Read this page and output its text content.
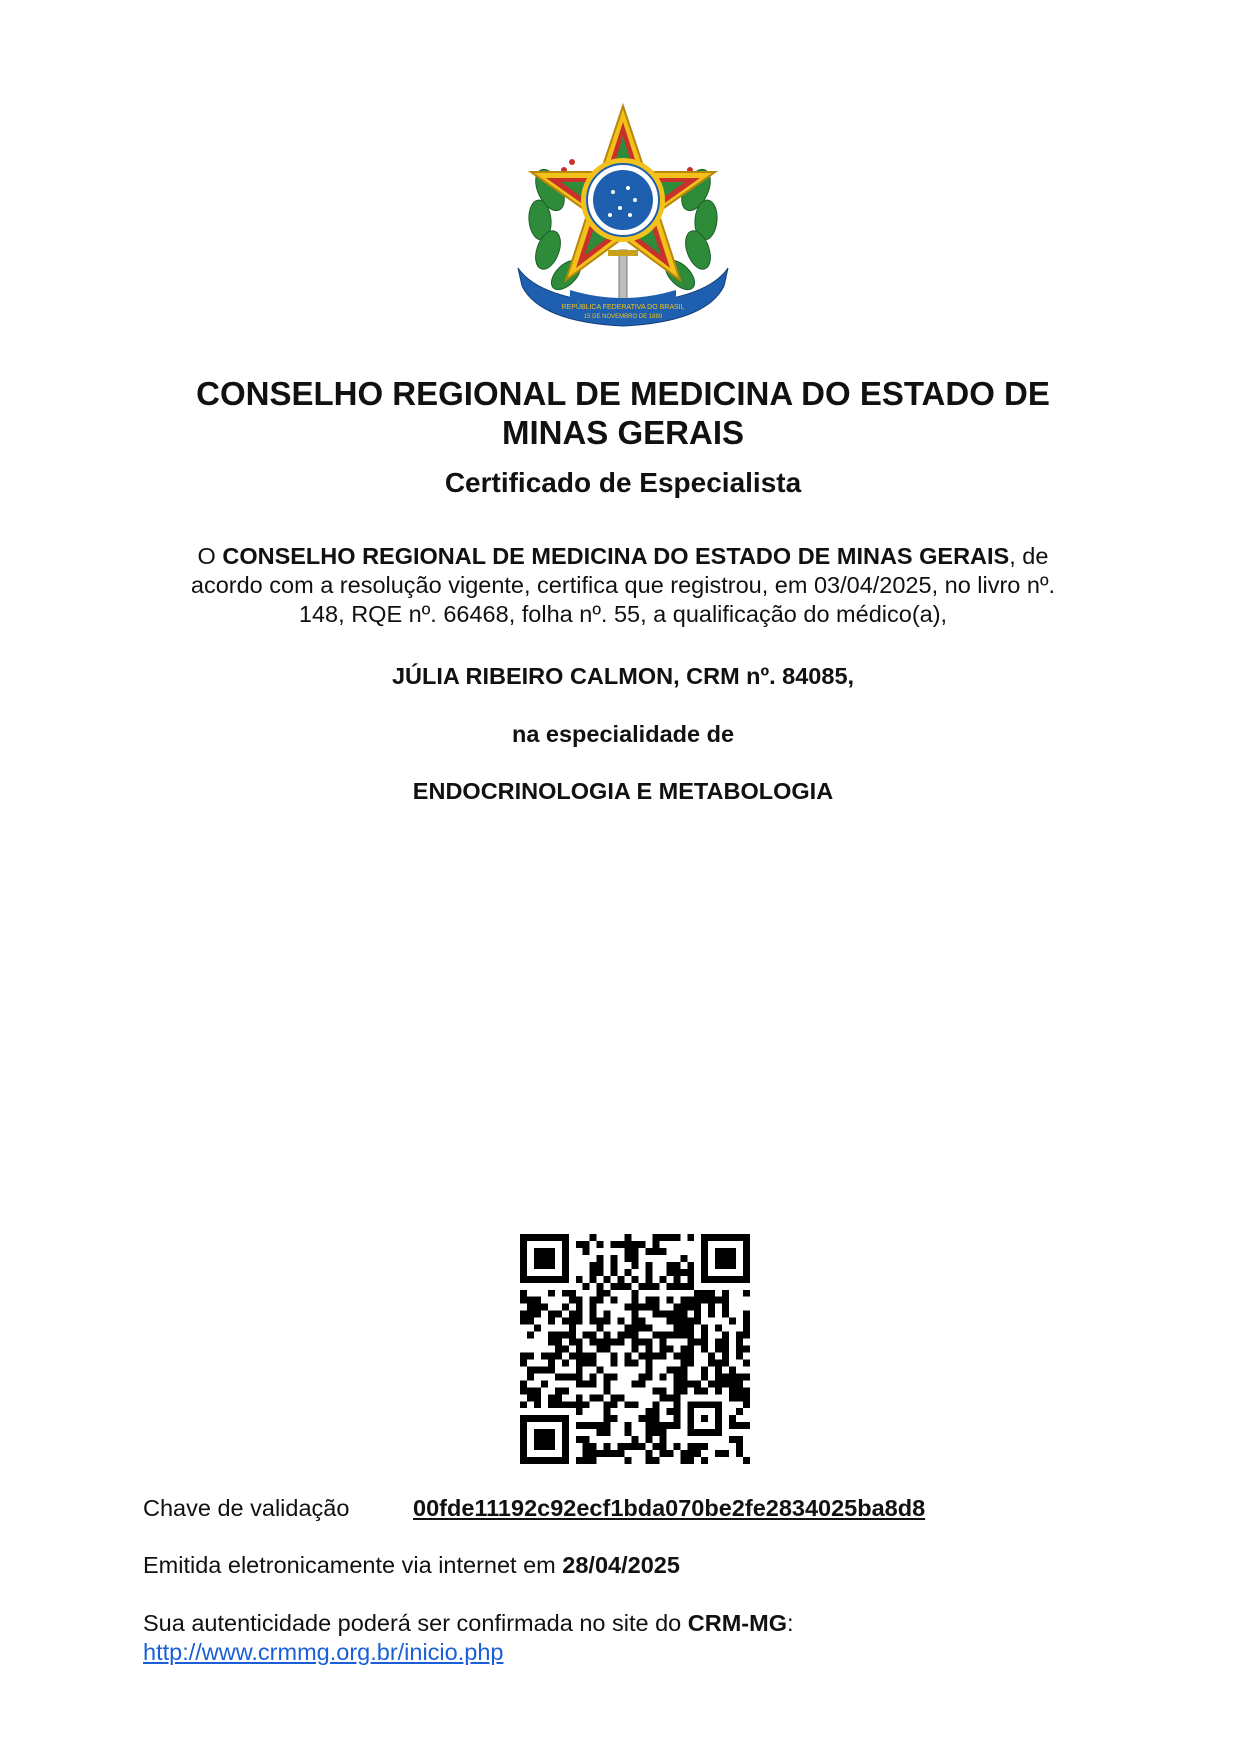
REPÚBLICA FEDERATIVA DO BRASIL
15 DE NOVEMBRO DE 1889
CONSELHO REGIONAL DE MEDICINA DO ESTADO DE
MINAS GERAIS
Certificado de Especialista
O CONSELHO REGIONAL DE MEDICINA DO ESTADO DE MINAS GERAIS, de
acordo com a resolução vigente, certifica que registrou, em 03/04/2025, no livro nº.
148, RQE nº. 66468, folha nº. 55, a qualificação do médico(a),
JÚLIA RIBEIRO CALMON, CRM nº. 84085,
na especialidade de
ENDOCRINOLOGIA E METABOLOGIA
Chave de validação	00fde11192c92ecf1bda070be2fe2834025ba8d8
Emitida eletronicamente via internet em 28/04/2025
Sua autenticidade poderá ser confirmada no site do CRM-MG:
http://www.crmmg.org.br/inicio.php
